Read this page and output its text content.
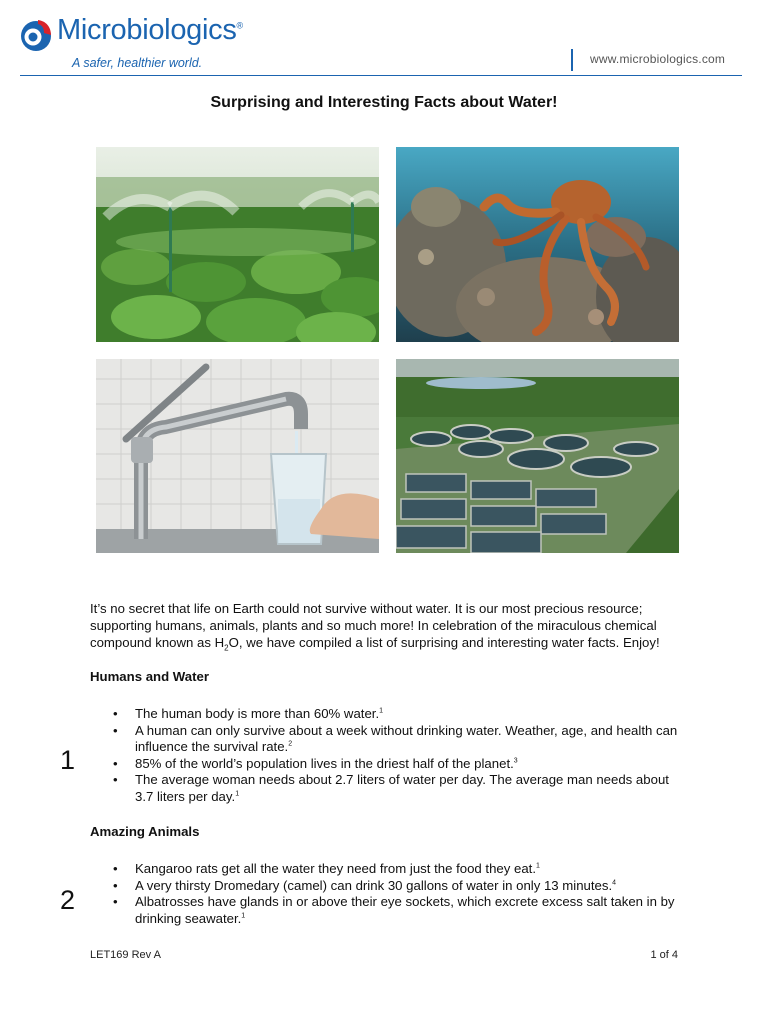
Microbiologics®
A safer, healthier world.	www.microbiologics.com
Surprising and Interesting Facts about Water!
It’s no secret that life on Earth could not survive without water. It is our most precious resource; supporting humans, animals, plants and so much more! In celebration of the miraculous chemical compound known as $H_2O$, we have compiled a list of surprising and interesting water facts. Enjoy!
Humans and Water
1
• The human body is more than 60% water.$^1$
• A human can only survive about a week without drinking water. Weather, age, and health can influence the survival rate.$^2$
• 85% of the world’s population lives in the driest half of the planet.$^3$
• The average woman needs about 2.7 liters of water per day. The average man needs about 3.7 liters per day.$^1$
Amazing Animals
2
• Kangaroo rats get all the water they need from just the food they eat.$^1$
• A very thirsty Dromedary (camel) can drink 30 gallons of water in only 13 minutes.$^4$
• Albatrosses have glands in or above their eye sockets, which excrete excess salt taken in by drinking seawater.$^1$
LET169 Rev A	1 of 4
